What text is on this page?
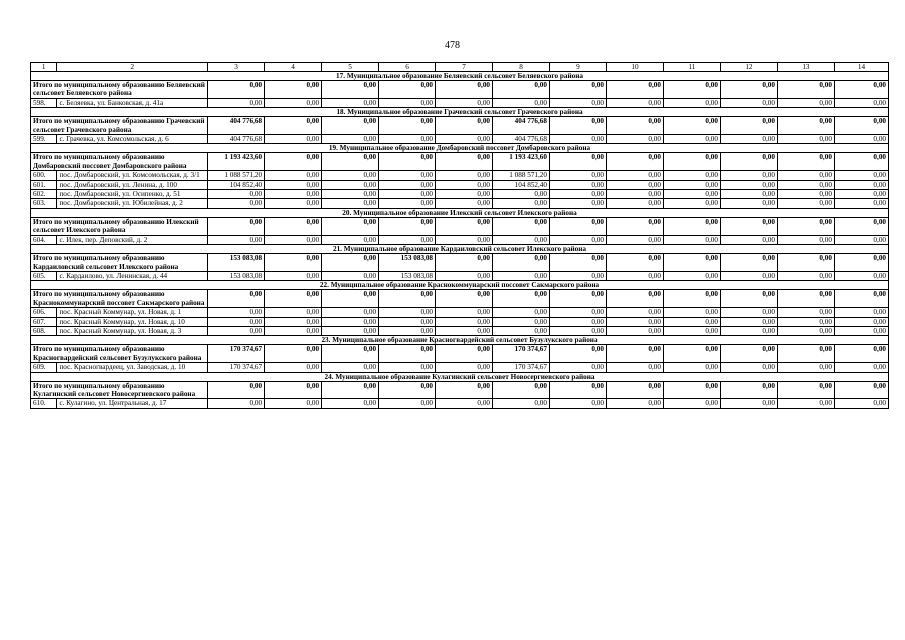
478
1	2	3	4	5	6	7	8	9	10	11	12	13	14
17. Муниципальное образование Беляевский сельсовет Беляевского района													
Итого по муниципальному образованию Беляевский сельсовет Беляевского района		0,00	0,00	0,00	0,00	0,00	0,00	0,00	0,00	0,00	0,00	0,00	0,00
598.	с. Беляевка, ул. Банковская, д. 41а	0,00	0,00	0,00	0,00	0,00	0,00	0,00	0,00	0,00	0,00	0,00	0,00
18. Муниципальное образование Грачевский сельсовет Грачевского района													
Итого по муниципальному образованию Грачевский сельсовет Грачевского района		404 776,68	0,00	0,00	0,00	0,00	404 776,68	0,00	0,00	0,00	0,00	0,00	0,00
599.	с. Грачевка, ул. Комсомольская, д. 6	404 776,68	0,00	0,00	0,00	0,00	404 776,68	0,00	0,00	0,00	0,00	0,00	0,00
19. Муниципальное образование Домбаровский поссовет Домбаровского района													
Итого по муниципальному образованию Домбаровский поссовет Домбаровского района		1 193 423,60	0,00	0,00	0,00	0,00	1 193 423,60	0,00	0,00	0,00	0,00	0,00	0,00
600.	пос. Домбаровский, ул. Комсомольская, д. 3/1	1 088 571,20	0,00	0,00	0,00	0,00	1 088 571,20	0,00	0,00	0,00	0,00	0,00	0,00
601.	пос. Домбаровский, ул. Ленина, д. 100	104 852,40	0,00	0,00	0,00	0,00	104 852,40	0,00	0,00	0,00	0,00	0,00	0,00
602.	пос. Домбаровский, ул. Осипенко, д. 51	0,00	0,00	0,00	0,00	0,00	0,00	0,00	0,00	0,00	0,00	0,00	0,00
603.	пос. Домбаровский, ул. Юбилейная, д. 2	0,00	0,00	0,00	0,00	0,00	0,00	0,00	0,00	0,00	0,00	0,00	0,00
20. Муниципальное образование Илекский сельсовет Илекского района													
Итого по муниципальному образованию Илекский сельсовет Илекского района		0,00	0,00	0,00	0,00	0,00	0,00	0,00	0,00	0,00	0,00	0,00	0,00
604.	с. Илек, пер. Деповский, д. 2	0,00	0,00	0,00	0,00	0,00	0,00	0,00	0,00	0,00	0,00	0,00	0,00
21. Муниципальное образование Кардаиловский сельсовет Илекского района													
Итого по муниципальному образованию Кардаиловский сельсовет Илекского района		153 083,08	0,00	0,00	153 083,08	0,00	0,00	0,00	0,00	0,00	0,00	0,00	0,00
605.	с. Кардаилово, ул. Ленинская, д. 44	153 083,08	0,00	0,00	153 083,08	0,00	0,00	0,00	0,00	0,00	0,00	0,00	0,00
22. Муниципальное образование Краснокоммунарский поссовет Сакмарского района													
Итого по муниципальному образованию Краснокоммунарский поссовет Сакмарского района		0,00	0,00	0,00	0,00	0,00	0,00	0,00	0,00	0,00	0,00	0,00	0,00
606.	пос. Красный Коммунар, ул. Новая, д. 1	0,00	0,00	0,00	0,00	0,00	0,00	0,00	0,00	0,00	0,00	0,00	0,00
607.	пос. Красный Коммунар, ул. Новая, д. 10	0,00	0,00	0,00	0,00	0,00	0,00	0,00	0,00	0,00	0,00	0,00	0,00
608.	пос. Красный Коммунар, ул. Новая, д. 3	0,00	0,00	0,00	0,00	0,00	0,00	0,00	0,00	0,00	0,00	0,00	0,00
23. Муниципальное образование Красногвардейский сельсовет Бузулукского района													
Итого по муниципальному образованию Красногвардейский сельсовет Бузулукского района		170 374,67	0,00	0,00	0,00	0,00	170 374,67	0,00	0,00	0,00	0,00	0,00	0,00
609.	пос. Красногвардеец, ул. Заводская, д. 10	170 374,67	0,00	0,00	0,00	0,00	170 374,67	0,00	0,00	0,00	0,00	0,00	0,00
24. Муниципальное образование Кулагинский сельсовет Новосергиевского района													
Итого по муниципальному образованию Кулагинский сельсовет Новосергиевского района		0,00	0,00	0,00	0,00	0,00	0,00	0,00	0,00	0,00	0,00	0,00	0,00
610.	с. Кулагино, ул. Центральная, д. 17	0,00	0,00	0,00	0,00	0,00	0,00	0,00	0,00	0,00	0,00	0,00	0,00
